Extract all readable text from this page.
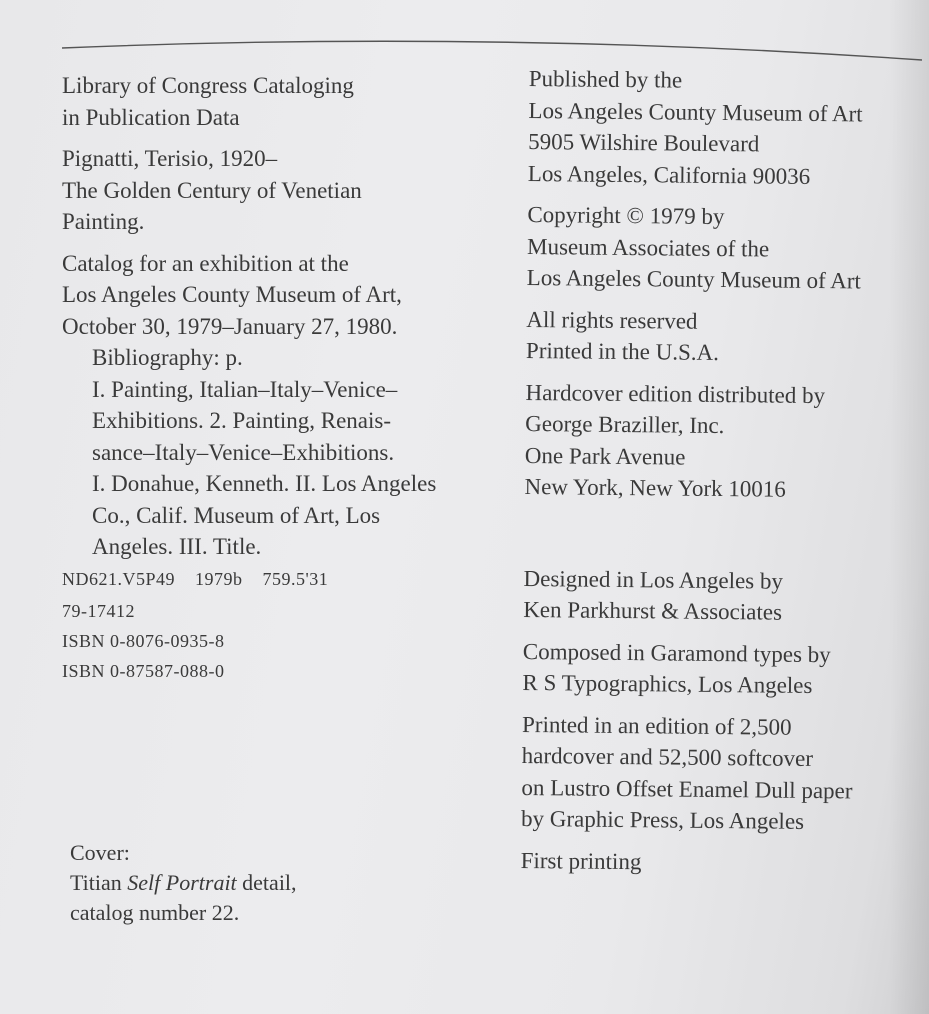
Library of Congress Cataloging
in Publication Data
Pignatti, Terisio, 1920–
The Golden Century of Venetian
Painting.
Catalog for an exhibition at the
Los Angeles County Museum of Art,
October 30, 1979–January 27, 1980.
Bibliography: p.
I. Painting, Italian–Italy–Venice–
Exhibitions. 2. Painting, Renais-
sance–Italy–Venice–Exhibitions.
I. Donahue, Kenneth. II. Los Angeles
Co., Calif. Museum of Art, Los
Angeles. III. Title.
ND621.V5P49    1979b    759.5'31
79-17412
ISBN 0-8076-0935-8
ISBN 0-87587-088-0
Cover:
Titian Self Portrait detail,
catalog number 22.
Published by the
Los Angeles County Museum of Art
5905 Wilshire Boulevard
Los Angeles, California 90036
Copyright © 1979 by
Museum Associates of the
Los Angeles County Museum of Art
All rights reserved
Printed in the U.S.A.
Hardcover edition distributed by
George Braziller, Inc.
One Park Avenue
New York, New York 10016
Designed in Los Angeles by
Ken Parkhurst & Associates
Composed in Garamond types by
R S Typographics, Los Angeles
Printed in an edition of 2,500
hardcover and 52,500 softcover
on Lustro Offset Enamel Dull paper
by Graphic Press, Los Angeles
First printing
